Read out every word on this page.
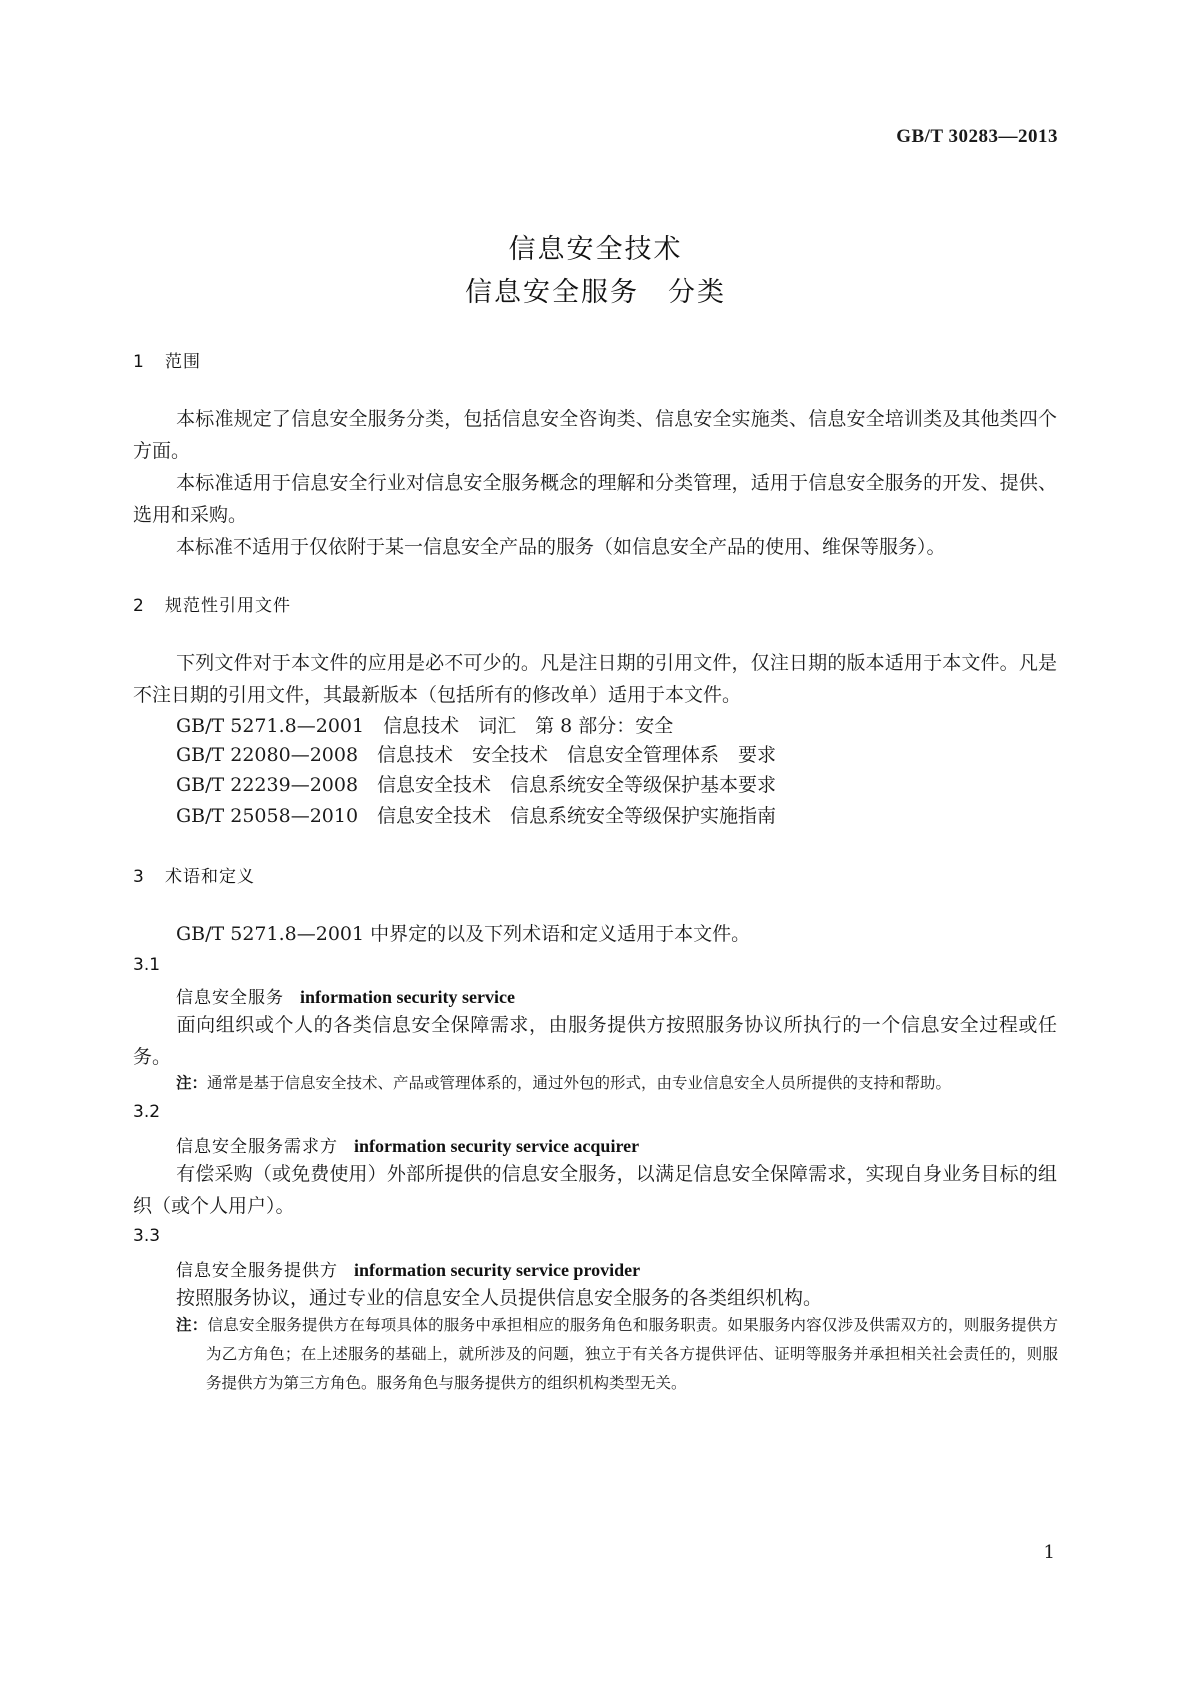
GB/T 30283—2013
信息安全技术
信息安全服务　分类
1 范围
本标准规定了信息安全服务分类，包括信息安全咨询类、信息安全实施类、信息安全培训类及其他类四个方面。
本标准适用于信息安全行业对信息安全服务概念的理解和分类管理，适用于信息安全服务的开发、提供、选用和采购。
本标准不适用于仅依附于某一信息安全产品的服务（如信息安全产品的使用、维保等服务）。
2 规范性引用文件
下列文件对于本文件的应用是必不可少的。凡是注日期的引用文件，仅注日期的版本适用于本文件。凡是不注日期的引用文件，其最新版本（包括所有的修改单）适用于本文件。
GB/T 5271.8—2001　信息技术　词汇　第 8 部分：安全
GB/T 22080—2008　信息技术　安全技术　信息安全管理体系　要求
GB/T 22239—2008　信息安全技术　信息系统安全等级保护基本要求
GB/T 25058—2010　信息安全技术　信息系统安全等级保护实施指南
3 术语和定义
GB/T 5271.8—2001 中界定的以及下列术语和定义适用于本文件。
3.1
信息安全服务 information security service
面向组织或个人的各类信息安全保障需求，由服务提供方按照服务协议所执行的一个信息安全过程或任务。
注：通常是基于信息安全技术、产品或管理体系的，通过外包的形式，由专业信息安全人员所提供的支持和帮助。
3.2
信息安全服务需求方 information security service acquirer
有偿采购（或免费使用）外部所提供的信息安全服务，以满足信息安全保障需求，实现自身业务目标的组织（或个人用户）。
3.3
信息安全服务提供方 information security service provider
按照服务协议，通过专业的信息安全人员提供信息安全服务的各类组织机构。
注：信息安全服务提供方在每项具体的服务中承担相应的服务角色和服务职责。如果服务内容仅涉及供需双方的，则服务提供方为乙方角色；在上述服务的基础上，就所涉及的问题，独立于有关各方提供评估、证明等服务并承担相关社会责任的，则服务提供方为第三方角色。服务角色与服务提供方的组织机构类型无关。
1
